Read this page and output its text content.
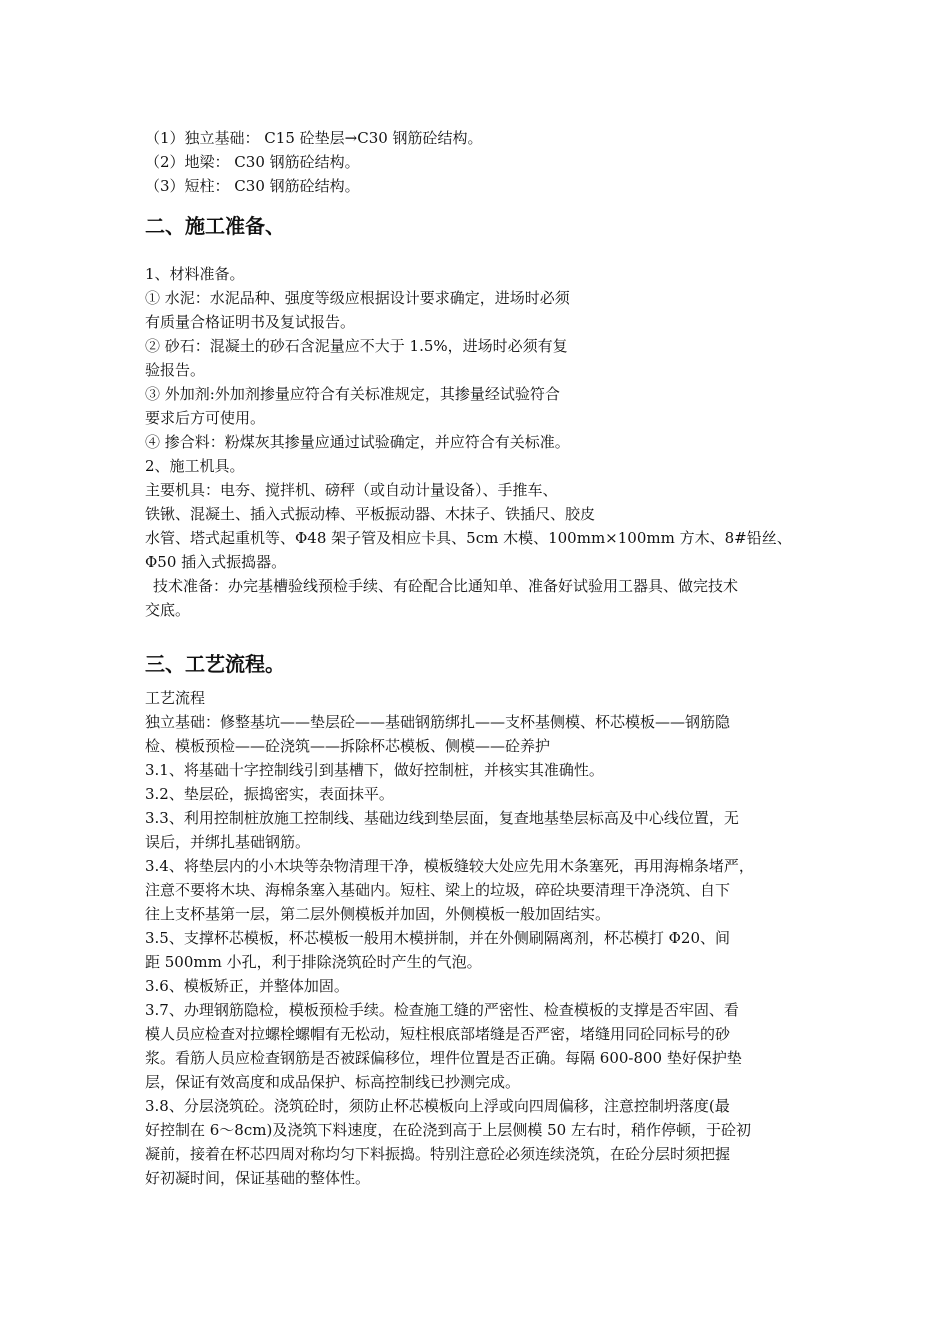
（1）独立基础： C15 砼垫层→C30 钢筋砼结构。
（2）地梁： C30 钢筋砼结构。
（3）短柱： C30 钢筋砼结构。
二、施工准备、
1、材料准备。
① 水泥：水泥品种、强度等级应根据设计要求确定，进场时必须
有质量合格证明书及复试报告。
② 砂石：混凝土的砂石含泥量应不大于 1.5%，进场时必须有复
验报告。
③ 外加剂:外加剂掺量应符合有关标准规定，其掺量经试验符合
要求后方可使用。
④ 掺合料：粉煤灰其掺量应通过试验确定，并应符合有关标准。
2、施工机具。
主要机具：电夯、搅拌机、磅秤（或自动计量设备）、手推车、
铁锹、混凝土、插入式振动棒、平板振动器、木抹子、铁插尺、胶皮
水管、塔式起重机等、Φ48 架子管及相应卡具、5cm 木模、100mm×100mm 方木、8#铅丝、
Φ50 插入式振捣器。
技术准备：办完基槽验线预检手续、有砼配合比通知单、准备好试验用工器具、做完技术
交底。
三、工艺流程。
工艺流程
独立基础：修整基坑——垫层砼——基础钢筋绑扎——支杯基侧模、杯芯模板——钢筋隐
检、模板预检——砼浇筑——拆除杯芯模板、侧模——砼养护
3.1、将基础十字控制线引到基槽下，做好控制桩，并核实其准确性。
3.2、垫层砼，振捣密实，表面抹平。
3.3、利用控制桩放施工控制线、基础边线到垫层面，复查地基垫层标高及中心线位置，无
误后，并绑扎基础钢筋。
3.4、将垫层内的小木块等杂物清理干净，模板缝较大处应先用木条塞死，再用海棉条堵严，
注意不要将木块、海棉条塞入基础内。短柱、梁上的垃圾，碎砼块要清理干净浇筑、自下
往上支杯基第一层，第二层外侧模板并加固，外侧模板一般加固结实。
3.5、支撑杯芯模板，杯芯模板一般用木模拼制，并在外侧刷隔离剂，杯芯模打 Φ20、间
距 500mm 小孔，利于排除浇筑砼时产生的气泡。
3.6、模板矫正，并整体加固。
3.7、办理钢筋隐检，模板预检手续。检查施工缝的严密性、检查模板的支撑是否牢固、看
模人员应检查对拉螺栓螺帽有无松动，短柱根底部堵缝是否严密，堵缝用同砼同标号的砂
浆。看筋人员应检查钢筋是否被踩偏移位，埋件位置是否正确。每隔 600-800 垫好保护垫
层，保证有效高度和成品保护、标高控制线已抄测完成。
3.8、分层浇筑砼。浇筑砼时，须防止杯芯模板向上浮或向四周偏移，注意控制坍落度(最
好控制在 6～8cm)及浇筑下料速度，在砼浇到高于上层侧模 50 左右时，稍作停顿，于砼初
凝前，接着在杯芯四周对称均匀下料振捣。特别注意砼必须连续浇筑，在砼分层时须把握
好初凝时间，保证基础的整体性。
